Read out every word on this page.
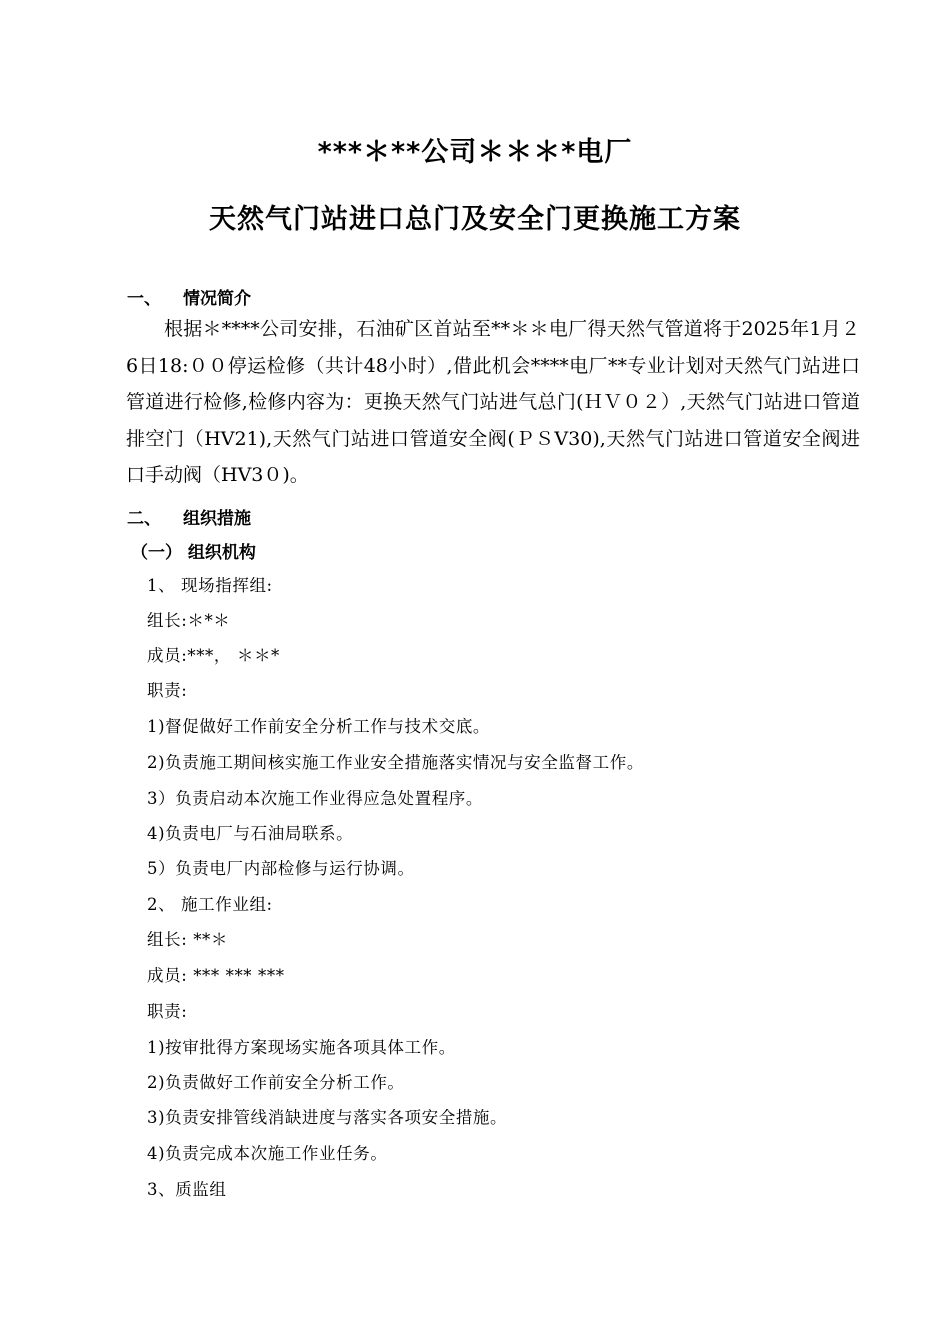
***＊**公司＊＊＊*电厂
天然气门站进口总门及安全门更换施工方案
一、 情况简介
根据＊****公司安排，石油矿区首站至**＊＊电厂得天然气管道将于2025年1月２6日18:００停运检修（共计48小时）,借此机会****电厂**专业计划对天然气门站进口管道进行检修,检修内容为：更换天然气门站进气总门(ＨＶ０２）,天然气门站进口管道排空门（HV21),天然气门站进口管道安全阀(ＰＳV30),天然气门站进口管道安全阀进口手动阀（HV3０)。
二、 组织措施
（一） 组织机构
1、 现场指挥组:
组长:＊*＊
成员:***， ＊＊*
职责:
1)督促做好工作前安全分析工作与技术交底。
2)负责施工期间核实施工作业安全措施落实情况与安全监督工作。
3）负责启动本次施工作业得应急处置程序。
4)负责电厂与石油局联系。
5）负责电厂内部检修与运行协调。
2、 施工作业组:
组长: **＊
成员: *** *** ***
职责:
1)按审批得方案现场实施各项具体工作。
2)负责做好工作前安全分析工作。
3)负责安排管线消缺进度与落实各项安全措施。
4)负责完成本次施工作业任务。
3、质监组
